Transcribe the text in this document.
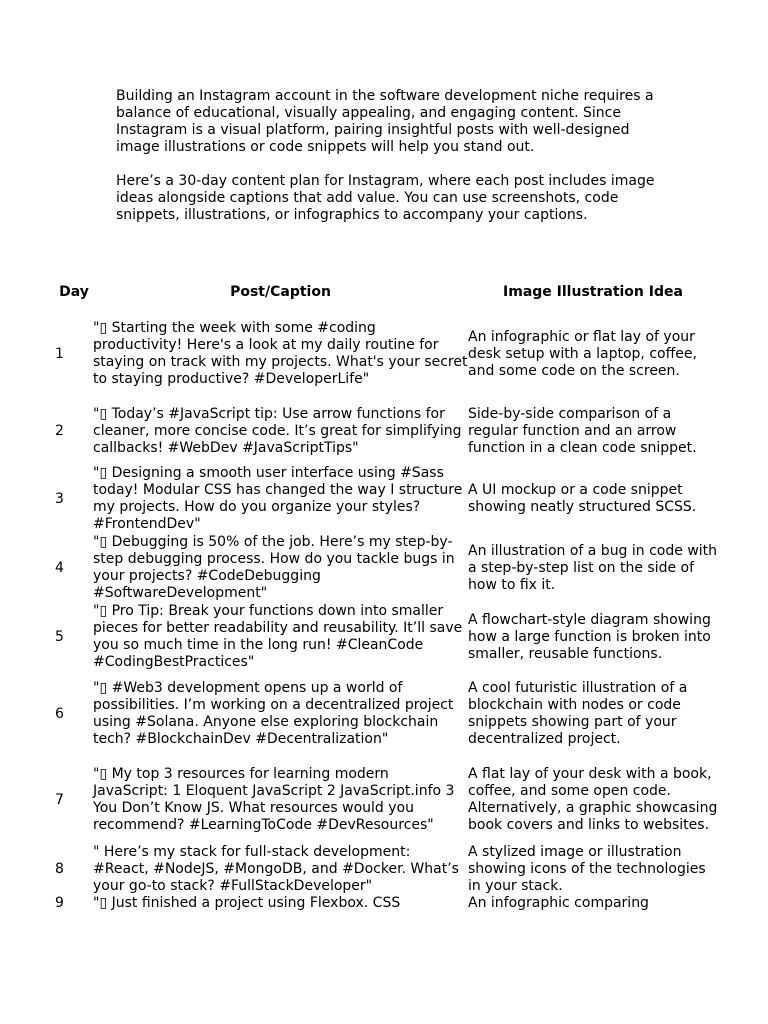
Building an Instagram account in the software development niche requires a balance of educational, visually appealing, and engaging content. Since Instagram is a visual platform, pairing insightful posts with well-designed image illustrations or code snippets will help you stand out.

Here’s a 30-day content plan for Instagram, where each post includes image ideas alongside captions that add value. You can use screenshots, code snippets, illustrations, or infographics to accompany your captions.

Day	Post/Caption	Image Illustration Idea
1	"▯ Starting the week with some #coding productivity! Here's a look at my daily routine for staying on track with my projects. What's your secret to staying productive? #DeveloperLife"	An infographic or flat lay of your desk setup with a laptop, coffee, and some code on the screen.
2	"▯ Today’s #JavaScript tip: Use arrow functions for cleaner, more concise code. It’s great for simplifying callbacks! #WebDev #JavaScriptTips"	Side-by-side comparison of a regular function and an arrow function in a clean code snippet.
3	"▯ Designing a smooth user interface using #Sass today! Modular CSS has changed the way I structure my projects. How do you organize your styles? #FrontendDev"	A UI mockup or a code snippet showing neatly structured SCSS.
4	"▯ Debugging is 50% of the job. Here’s my step-by-step debugging process. How do you tackle bugs in your projects? #CodeDebugging #SoftwareDevelopment"	An illustration of a bug in code with a step-by-step list on the side of how to fix it.
5	"▯ Pro Tip: Break your functions down into smaller pieces for better readability and reusability. It’ll save you so much time in the long run! #CleanCode #CodingBestPractices"	A flowchart-style diagram showing how a large function is broken into smaller, reusable functions.
6	"▯ #Web3 development opens up a world of possibilities. I’m working on a decentralized project using #Solana. Anyone else exploring blockchain tech? #BlockchainDev #Decentralization"	A cool futuristic illustration of a blockchain with nodes or code snippets showing part of your decentralized project.
7	"▯ My top 3 resources for learning modern JavaScript: 1 Eloquent JavaScript 2 JavaScript.info 3 You Don’t Know JS. What resources would you recommend? #LearningToCode #DevResources"	A flat lay of your desk with a book, coffee, and some open code. Alternatively, a graphic showcasing book covers and links to websites.
8	" Here’s my stack for full-stack development: #React, #NodeJS, #MongoDB, and #Docker. What’s your go-to stack? #FullStackDeveloper"	A stylized image or illustration showing icons of the technologies in your stack.
9	"▯ Just finished a project using Flexbox. CSS	An infographic comparing
